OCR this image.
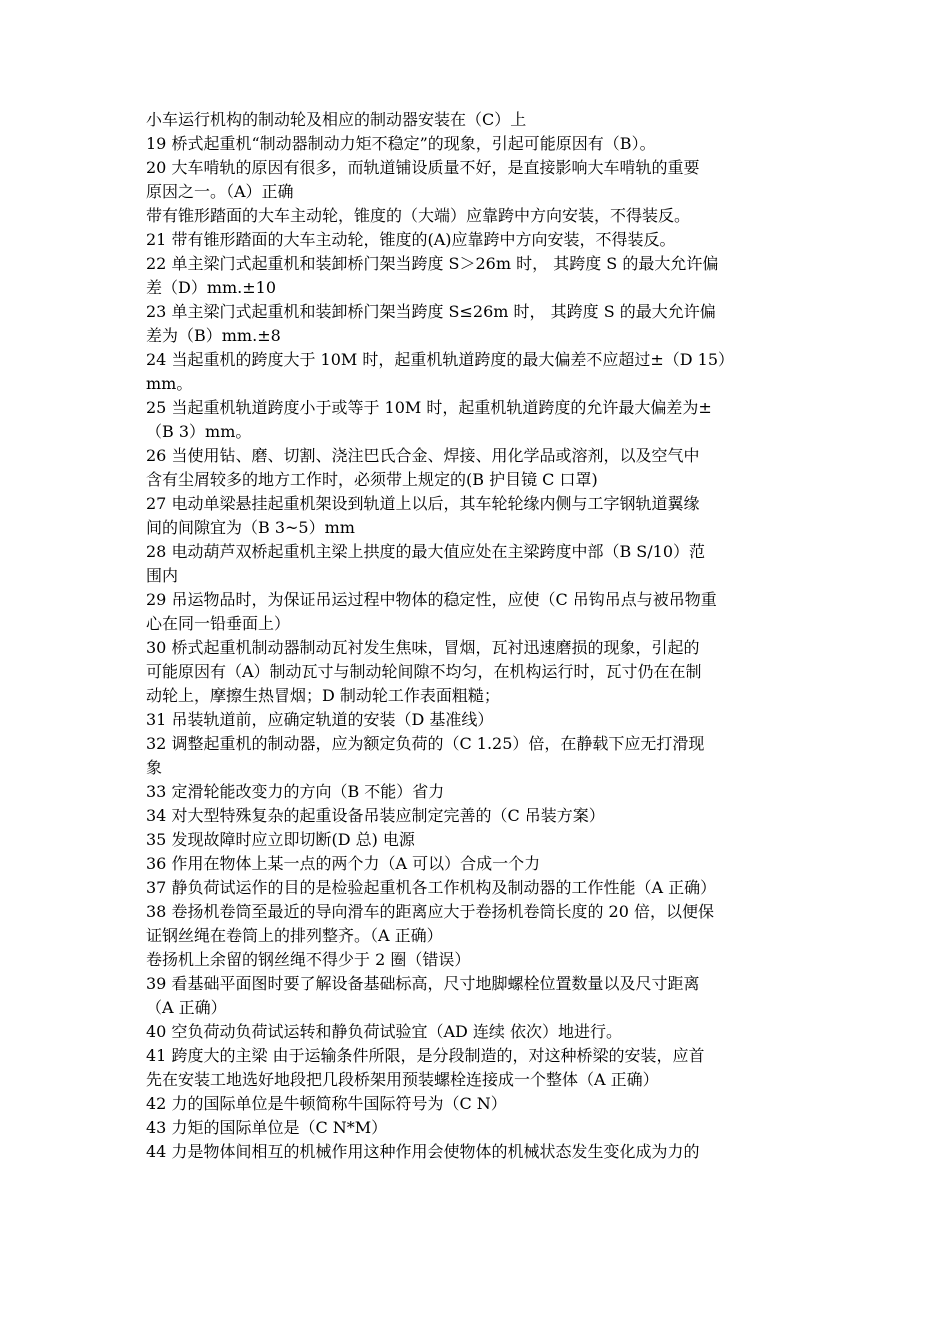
小车运行机构的制动轮及相应的制动器安装在（C）上
19 桥式起重机“制动器制动力矩不稳定”的现象，引起可能原因有（B）。
20 大车啃轨的原因有很多，而轨道铺设质量不好，是直接影响大车啃轨的重要
原因之一。（A）正确
带有锥形踏面的大车主动轮，锥度的（大端）应靠跨中方向安装，不得装反。
21 带有锥形踏面的大车主动轮，锥度的(A)应靠跨中方向安装，不得装反。
22 单主梁门式起重机和装卸桥门架当跨度 S＞26m 时， 其跨度 S 的最大允许偏
差（D）mm.±10
23 单主梁门式起重机和装卸桥门架当跨度 S≤26m 时， 其跨度 S 的最大允许偏
差为（B）mm.±8
24 当起重机的跨度大于 10M 时，起重机轨道跨度的最大偏差不应超过±（D 15）
mm。
25 当起重机轨道跨度小于或等于 10M 时，起重机轨道跨度的允许最大偏差为±
（B 3）mm。
26 当使用钻、磨、切割、浇注巴氏合金、焊接、用化学品或溶剂，以及空气中
含有尘屑较多的地方工作时，必须带上规定的(B 护目镜 C 口罩)
27 电动单梁悬挂起重机架设到轨道上以后，其车轮轮缘内侧与工字钢轨道翼缘
间的间隙宜为（B 3~5）mm
28 电动葫芦双桥起重机主梁上拱度的最大值应处在主梁跨度中部（B S/10）范
围内
29 吊运物品时，为保证吊运过程中物体的稳定性，应使（C 吊钩吊点与被吊物重
心在同一铅垂面上）
30 桥式起重机制动器制动瓦衬发生焦味，冒烟，瓦衬迅速磨损的现象，引起的
可能原因有（A）制动瓦寸与制动轮间隙不均匀，在机构运行时，瓦寸仍在在制
动轮上，摩擦生热冒烟；D 制动轮工作表面粗糙；
31 吊装轨道前，应确定轨道的安装（D 基准线）
32 调整起重机的制动器，应为额定负荷的（C 1.25）倍，在静载下应无打滑现
象
33 定滑轮能改变力的方向（B 不能）省力
34 对大型特殊复杂的起重设备吊装应制定完善的（C 吊装方案）
35 发现故障时应立即切断(D 总) 电源
36 作用在物体上某一点的两个力（A 可以）合成一个力
37 静负荷试运作的目的是检验起重机各工作机构及制动器的工作性能（A 正确）
38 卷扬机卷筒至最近的导向滑车的距离应大于卷扬机卷筒长度的 20 倍，以便保
证钢丝绳在卷筒上的排列整齐。（A 正确）
卷扬机上余留的钢丝绳不得少于 2 圈（错误）
39 看基础平面图时要了解设备基础标高，尺寸地脚螺栓位置数量以及尺寸距离
（A 正确）
40 空负荷动负荷试运转和静负荷试验宜（AD 连续 依次）地进行。
41 跨度大的主梁 由于运输条件所限，是分段制造的，对这种桥梁的安装，应首
先在安装工地选好地段把几段桥架用预装螺栓连接成一个整体（A 正确）
42 力的国际单位是牛顿简称牛国际符号为（C N）
43 力矩的国际单位是（C N*M）
44 力是物体间相互的机械作用这种作用会使物体的机械状态发生变化成为力的
